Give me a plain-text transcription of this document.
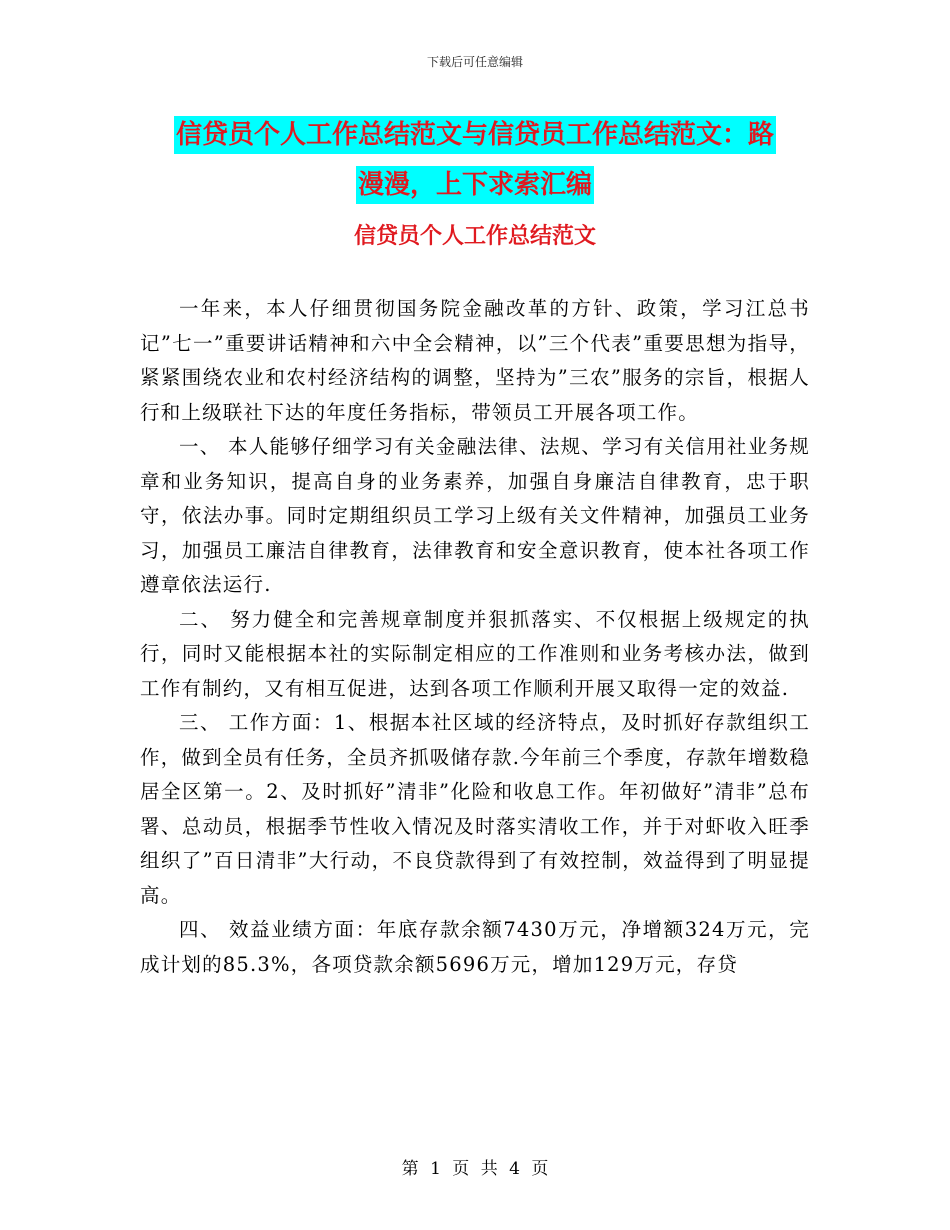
下载后可任意编辑
信贷员个人工作总结范文与信贷员工作总结范文：路
漫漫，上下求索汇编
信贷员个人工作总结范文

一年来，本人仔细贯彻国务院金融改革的方针、政策，学习江总书记”七一”重要讲话精神和六中全会精神，以”三个代表”重要思想为指导，紧紧围绕农业和农村经济结构的调整，坚持为”三农”服务的宗旨，根据人行和上级联社下达的年度任务指标，带领员工开展各项工作。

一、 本人能够仔细学习有关金融法律、法规、学习有关信用社业务规章和业务知识，提高自身的业务素养，加强自身廉洁自律教育，忠于职守，依法办事。同时定期组织员工学习上级有关文件精神，加强员工业务习，加强员工廉洁自律教育，法律教育和安全意识教育，使本社各项工作遵章依法运行.

二、 努力健全和完善规章制度并狠抓落实、不仅根据上级规定的执行，同时又能根据本社的实际制定相应的工作准则和业务考核办法，做到工作有制约，又有相互促进，达到各项工作顺利开展又取得一定的效益.

三、 工作方面：1、根据本社区域的经济特点，及时抓好存款组织工作，做到全员有任务，全员齐抓吸储存款.今年前三个季度，存款年增数稳居全区第一。2、及时抓好”清非”化险和收息工作。年初做好”清非”总布署、总动员，根据季节性收入情况及时落实清收工作，并于对虾收入旺季组织了”百日清非”大行动，不良贷款得到了有效控制，效益得到了明显提高。

四、 效益业绩方面：年底存款余额7430万元，净增额324万元，完成计划的85.3%，各项贷款余额5696万元，增加129万元，存贷

第 1 页 共 4 页
